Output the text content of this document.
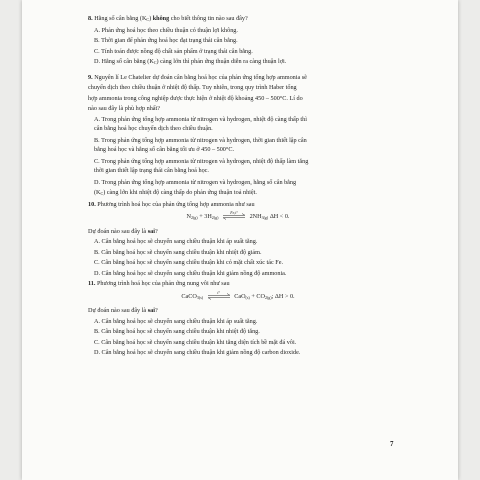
8. Hằng số cân bằng $(K_C)$ không cho biết thông tin nào sau đây?

A. Phản ứng hoá học theo chiều thuận có thuận lợi không.

B. Thời gian để phản ứng hoá học đạt trạng thái cân bằng.

C. Tính toán được nồng độ chất sản phẩm ở trạng thái cân bằng.

D. Hằng số cân bằng $(K_C)$ càng lớn thì phản ứng thuận diễn ra càng thuận lợi.

9. Nguyên lí Le Chatelier dự đoán cân bằng hoá học của phản ứng tổng hợp ammonia sẽ
chuyển dịch theo chiều thuận ở nhiệt độ thấp. Tuy nhiên, trong quy trình Haber tổng
hợp ammonia trong công nghiệp được thực hiện ở nhiệt độ khoảng 450 – 500°C. Lí do
nào sau đây là phù hợp nhất?

A. Trong phản ứng tổng hợp ammonia từ nitrogen và hydrogen, nhiệt độ càng thấp thì
cân bằng hoá học chuyển dịch theo chiều thuận.

B. Trong phản ứng tổng hợp ammonia từ nitrogen và hydrogen, thời gian thiết lập cân
bằng hoá học và hằng số cân bằng tối ưu ở 450 – 500°C.

C. Trong phản ứng tổng hợp ammonia từ nitrogen và hydrogen, nhiệt độ thấp làm tăng
thời gian thiết lập trạng thái cân bằng hoá học.

D. Trong phản ứng tổng hợp ammonia từ nitrogen và hydrogen, hằng số cân bằng
$(K_C)$ càng lớn khi nhiệt độ càng thấp do phản ứng thuận toả nhiệt.

10. Phương trình hoá học của phản ứng tổng hợp ammonia như sau

$N_{2(g)} + 3H_{2(g)}$
Fe,t°	$2NH_{3(g)}$ ΔH < 0.

Dự đoán nào sau đây là sai?

A. Cân bằng hoá học sẽ chuyển sang chiều thuận khi áp suất tăng.

B. Cân bằng hoá học sẽ chuyển sang chiều thuận khi nhiệt độ giảm.

C. Cân bằng hoá học sẽ chuyển sang chiều thuận khi có mặt chất xúc tác Fe.

D. Cân bằng hoá học sẽ chuyển sang chiều thuận khi giảm nồng độ ammonia.

11. Phương trình hoá học của phản ứng nung vôi như sau

CaCO$_{3(s)}$
t°	$CaO_{(s)} + CO_{2(g)}$; ΔH > 0.

Dự đoán nào sau đây là sai?

A. Cân bằng hoá học sẽ chuyển sang chiều thuận khi áp suất tăng.

B. Cân bằng hoá học sẽ chuyển sang chiều thuận khi nhiệt độ tăng.

C. Cân bằng hoá học sẽ chuyển sang chiều thuận khi tăng diện tích bề mặt đá vôi.

D. Cân bằng hoá học sẽ chuyển sang chiều thuận khi giảm nồng độ carbon dioxide.

7
